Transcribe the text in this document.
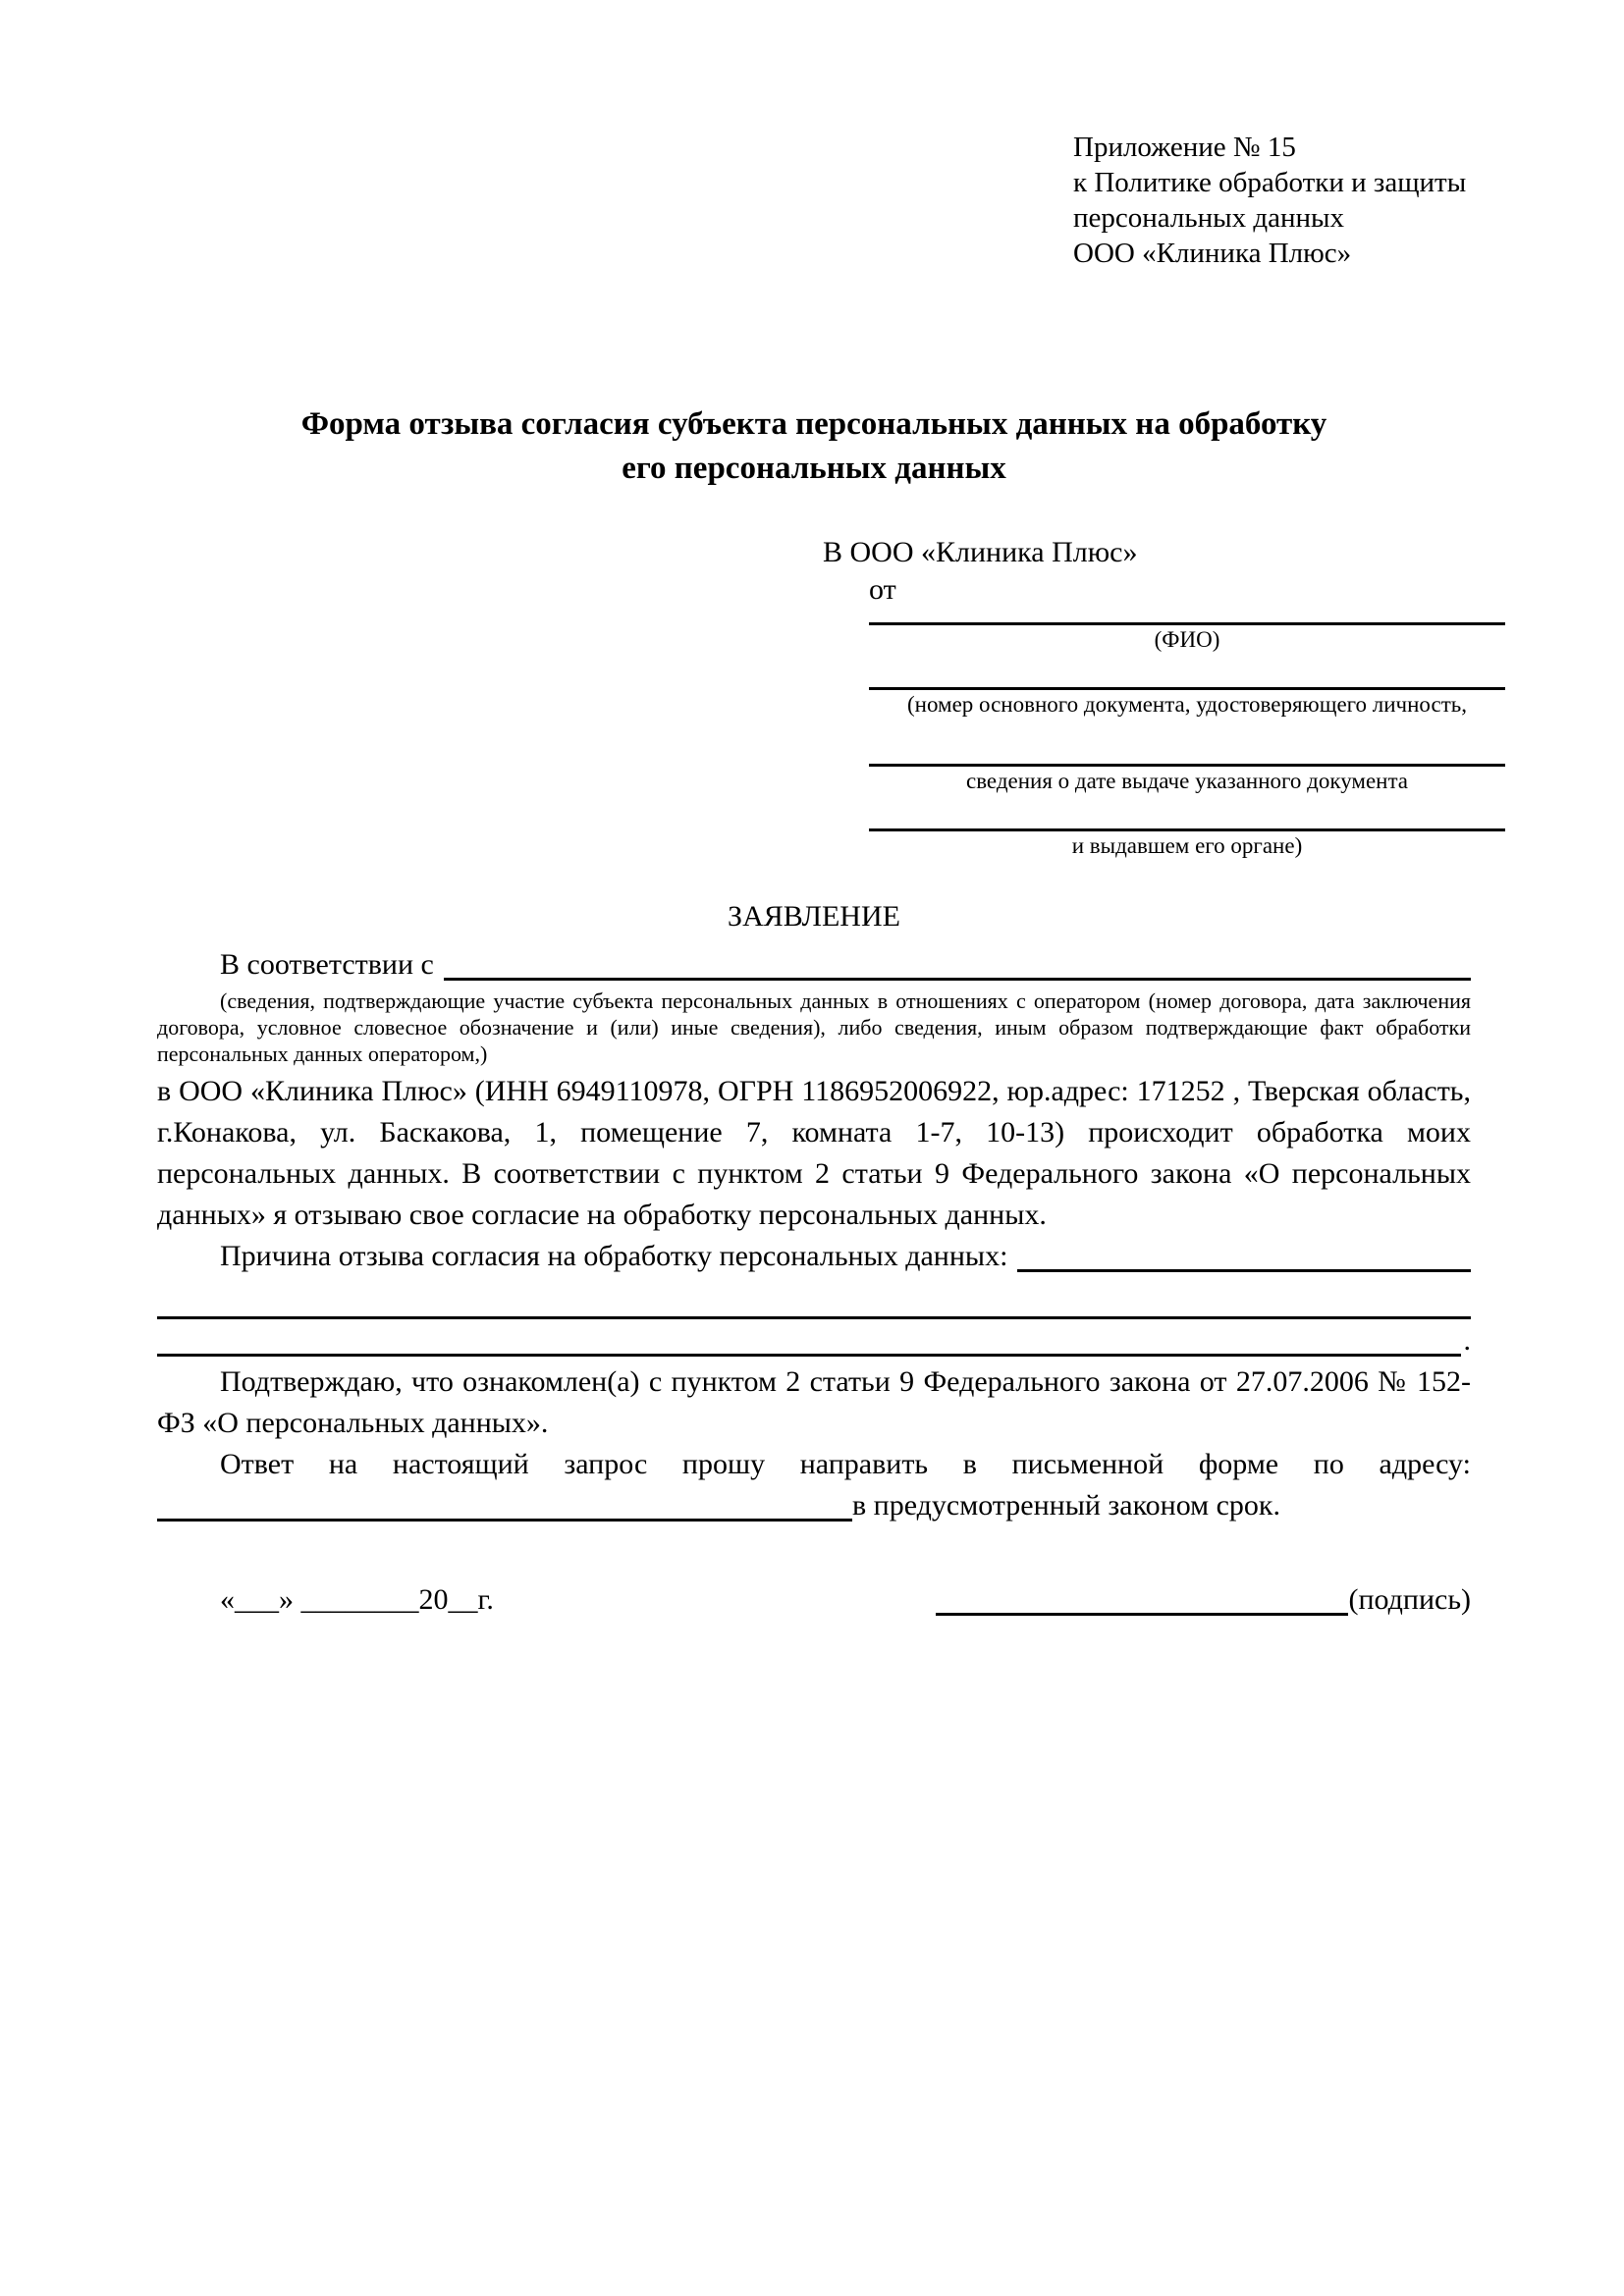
Приложение № 15
к Политике обработки и защиты
персональных данных
ООО «Клиника Плюс»
Форма отзыва согласия субъекта персональных данных на обработку
его персональных данных
В ООО «Клиника Плюс»
от
(ФИО)
(номер основного документа, удостоверяющего личность,
сведения о дате выдаче указанного документа
и выдавшем его органе)
ЗАЯВЛЕНИЕ
В соответствии с
(сведения, подтверждающие участие субъекта персональных данных в отношениях с оператором (номер договора, дата заключения договора, условное словесное обозначение и (или) иные сведения), либо сведения, иным образом подтверждающие факт обработки персональных данных оператором,)
в ООО «Клиника Плюс» (ИНН 6949110978, ОГРН 1186952006922, юр.адрес: 171252 , Тверская область, г.Конакова, ул. Баскакова, 1, помещение 7, комната 1-7, 10-13) происходит обработка моих персональных данных. В соответствии с пунктом 2 статьи 9 Федерального закона «О персональных данных» я отзываю свое согласие на обработку персональных данных.
Причина отзыва согласия на обработку персональных данных:
.
Подтверждаю, что ознакомлен(а) с пунктом 2 статьи 9 Федерального закона от 27.07.2006 № 152-ФЗ «О персональных данных».
Ответ на настоящий запрос прошу направить в письменной форме по адресу:
в предусмотренный законом срок.
«___» ________20__г.	(подпись)
